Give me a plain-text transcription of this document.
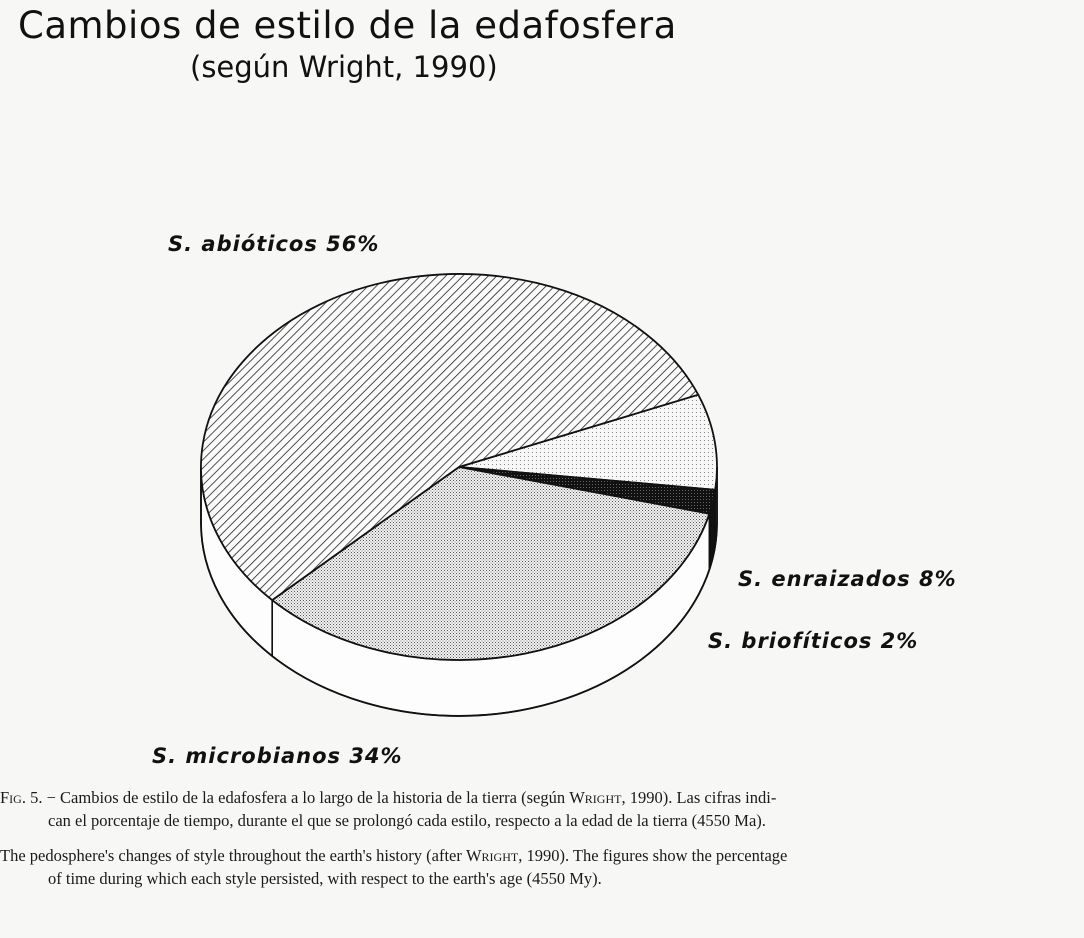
Cambios de estilo de la edafosfera
(según Wright, 1990)
S. abióticos 56%
S. enraizados 8%
S. briofíticos 2%
S. microbianos 34%
Fig. 5. − Cambios de estilo de la edafosfera a lo largo de la historia de la tierra (según Wright, 1990). Las cifras indi-
can el porcentaje de tiempo, durante el que se prolongó cada estilo, respecto a la edad de la tierra (4550 Ma).
The pedosphere's changes of style throughout the earth's history (after Wright, 1990). The figures show the percentage
of time during which each style persisted, with respect to the earth's age (4550 My).
